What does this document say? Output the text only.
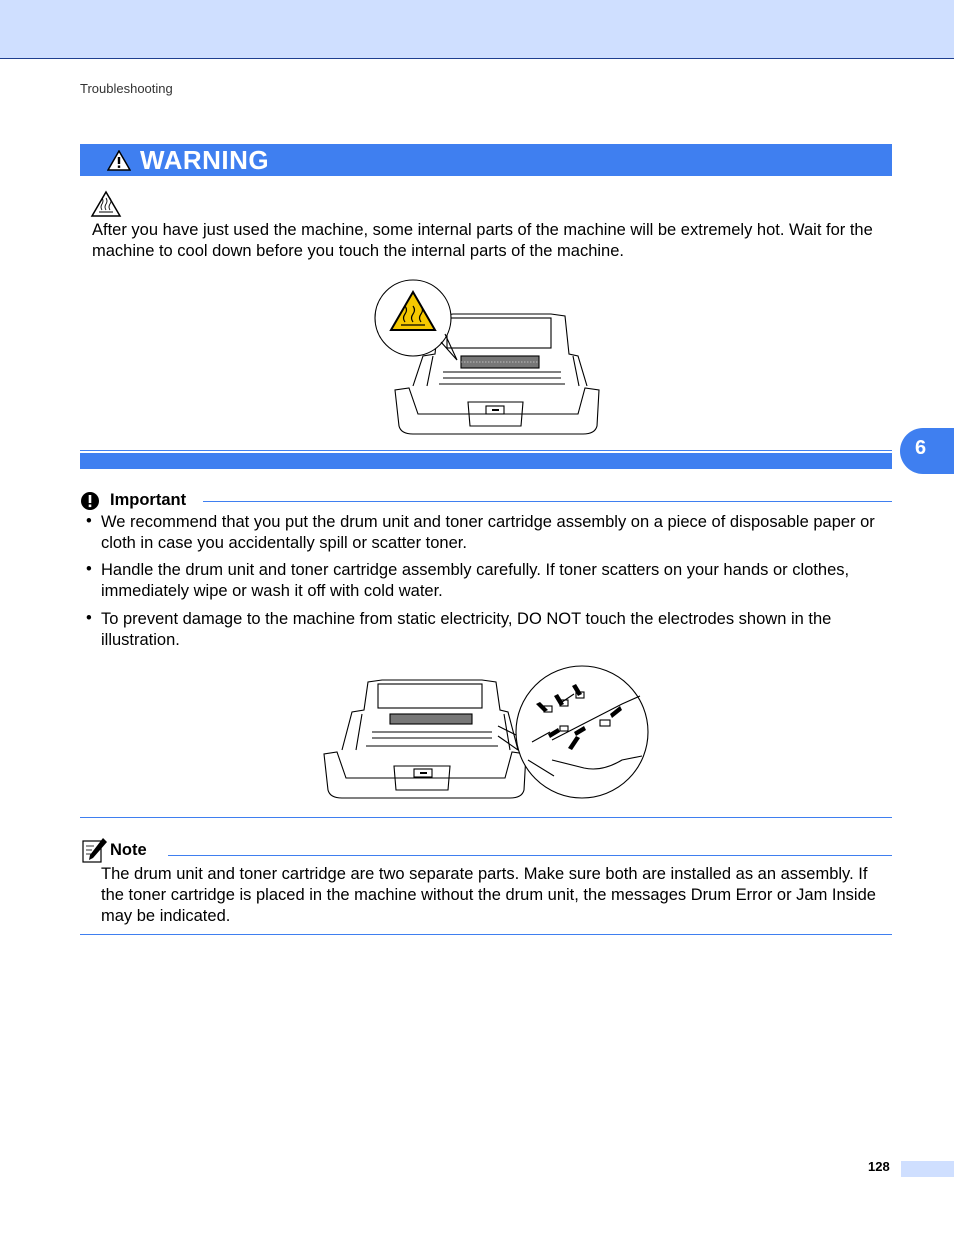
Troubleshooting
WARNING
After you have just used the machine, some internal parts of the machine will be extremely hot. Wait for the machine to cool down before you touch the internal parts of the machine.
6
Important
• We recommend that you put the drum unit and toner cartridge assembly on a piece of disposable paper or cloth in case you accidentally spill or scatter toner.
• Handle the drum unit and toner cartridge assembly carefully. If toner scatters on your hands or clothes, immediately wipe or wash it off with cold water.
• To prevent damage to the machine from static electricity, DO NOT touch the electrodes shown in the illustration.
Note
The drum unit and toner cartridge are two separate parts. Make sure both are installed as an assembly. If the toner cartridge is placed in the machine without the drum unit, the messages Drum Error or Jam Inside may be indicated.
128
